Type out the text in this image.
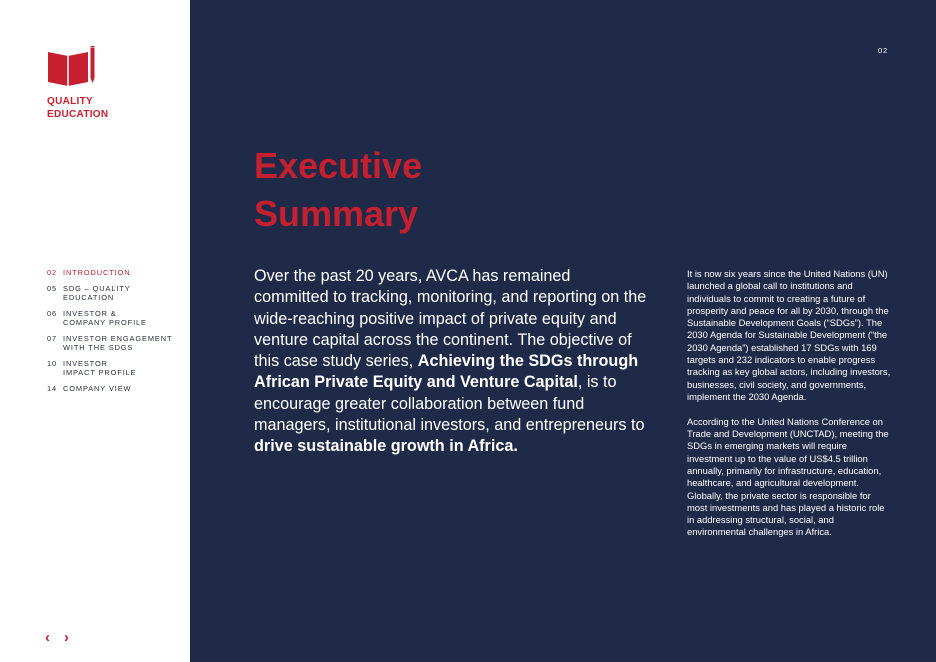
QUALITY
EDUCATION
02 INTRODUCTION
05 SDG – QUALITY
EDUCATION
06 INVESTOR &
COMPANY PROFILE
07 INVESTOR ENGAGEMENT
WITH THE SDGS
10 INVESTOR
IMPACT PROFILE
14 COMPANY VIEW
‹ ›
02
Executive
Summary

Over the past 20 years, AVCA has remained committed to tracking, monitoring, and reporting on the wide-reaching positive impact of private equity and venture capital across the continent. The objective of this case study series, Achieving the SDGs through African Private Equity and Venture Capital, is to encourage greater collaboration between fund managers, institutional investors, and entrepreneurs to drive sustainable growth in Africa.

It is now six years since the United Nations (UN) launched a global call to institutions and individuals to commit to creating a future of prosperity and peace for all by 2030, through the Sustainable Development Goals (“SDGs”). The 2030 Agenda for Sustainable Development (“the 2030 Agenda”) established 17 SDGs with 169 targets and 232 indicators to enable progress tracking as key global actors, including investors, businesses, civil society, and governments, implement the 2030 Agenda.

According to the United Nations Conference on Trade and Development (UNCTAD), meeting the SDGs in emerging markets will require investment up to the value of US$4.5 trillion annually, primarily for infrastructure, education, healthcare, and agricultural development. Globally, the private sector is responsible for most investments and has played a historic role in addressing structural, social, and environmental challenges in Africa.
